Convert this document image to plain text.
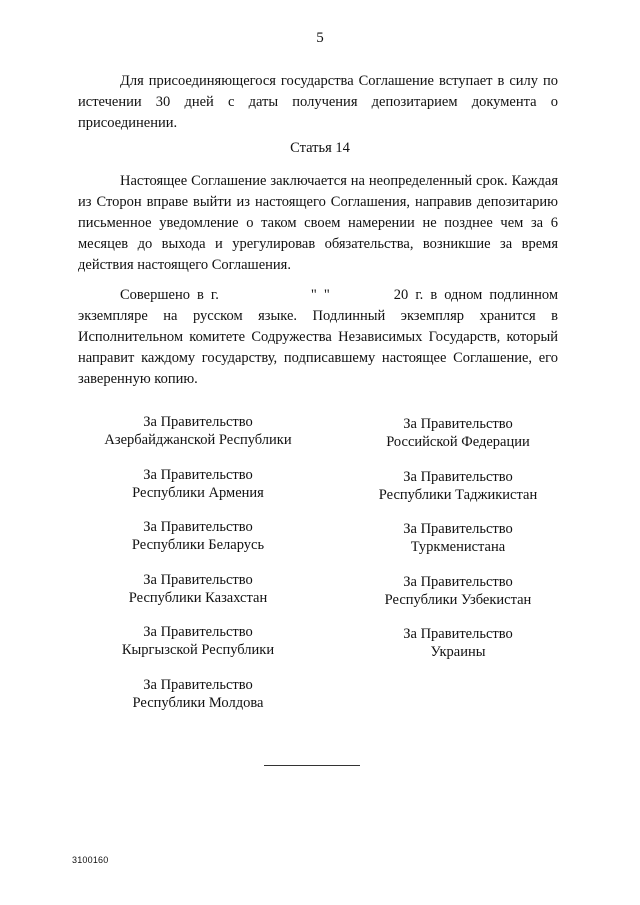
5

Для присоединяющегося государства Соглашение вступает в силу по истечении 30 дней с даты получения депозитарием документа о присоединении.

Статья 14

Настоящее Соглашение заключается на неопределенный срок. Каждая из Сторон вправе выйти из настоящего Соглашения, направив депозитарию письменное уведомление о таком своем намерении не позднее чем за 6 месяцев до выхода и урегулировав обязательства, возникшие за время действия настоящего Соглашения.

Совершено в г.	" "	20 г. в одном подлинном экземпляре на русском языке. Подлинный экземпляр хранится в Исполнительном комитете Содружества Независимых Государств, который направит каждому государству, подписавшему настоящее Соглашение, его заверенную копию.

За Правительство
Азербайджанской Республики
За Правительство
Республики Армения
За Правительство
Республики Беларусь
За Правительство
Республики Казахстан
За Правительство
Кыргызской Республики
За Правительство
Республики Молдова
За Правительство
Российской Федерации
За Правительство
Республики Таджикистан
За Правительство
Туркменистана
За Правительство
Республики Узбекистан
За Правительство
Украины
3100160
